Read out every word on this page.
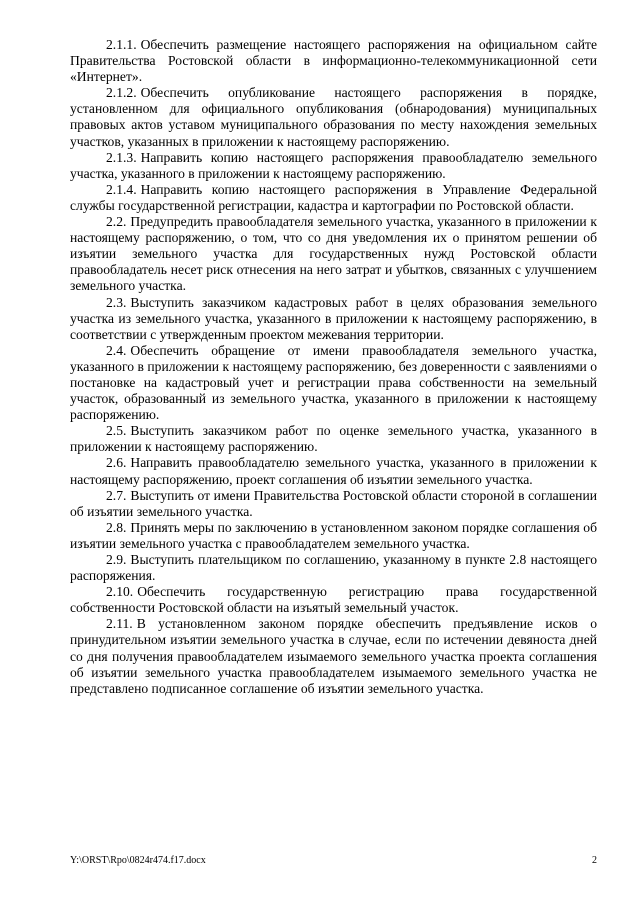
2.1.1. Обеспечить размещение настоящего распоряжения на официальном сайте Правительства Ростовской области в информационно-телекоммуникационной сети «Интернет».

2.1.2. Обеспечить опубликование настоящего распоряжения в порядке, установленном для официального опубликования (обнародования) муниципальных правовых актов уставом муниципального образования по месту нахождения земельных участков, указанных в приложении к настоящему распоряжению.

2.1.3. Направить копию настоящего распоряжения правообладателю земельного участка, указанного в приложении к настоящему распоряжению.

2.1.4. Направить копию настоящего распоряжения в Управление Федеральной службы государственной регистрации, кадастра и картографии по Ростовской области.

2.2. Предупредить правообладателя земельного участка, указанного в приложении к настоящему распоряжению, о том, что со дня уведомления их о принятом решении об изъятии земельного участка для государственных нужд Ростовской области правообладатель несет риск отнесения на него затрат и убытков, связанных с улучшением земельного участка.

2.3. Выступить заказчиком кадастровых работ в целях образования земельного участка из земельного участка, указанного в приложении к настоящему распоряжению, в соответствии с утвержденным проектом межевания территории.

2.4. Обеспечить обращение от имени правообладателя земельного участка, указанного в приложении к настоящему распоряжению, без доверенности с заявлениями о постановке на кадастровый учет и регистрации права собственности на земельный участок, образованный из земельного участка, указанного в приложении к настоящему распоряжению.

2.5. Выступить заказчиком работ по оценке земельного участка, указанного в приложении к настоящему распоряжению.

2.6. Направить правообладателю земельного участка, указанного в приложении к настоящему распоряжению, проект соглашения об изъятии земельного участка.

2.7. Выступить от имени Правительства Ростовской области стороной в соглашении об изъятии земельного участка.

2.8. Принять меры по заключению в установленном законом порядке соглашения об изъятии земельного участка с правообладателем земельного участка.

2.9. Выступить плательщиком по соглашению, указанному в пункте 2.8 настоящего распоряжения.

2.10. Обеспечить государственную регистрацию права государственной собственности Ростовской области на изъятый земельный участок.

2.11. В установленном законом порядке обеспечить предъявление исков о принудительном изъятии земельного участка в случае, если по истечении девяноста дней со дня получения правообладателем изымаемого земельного участка проекта соглашения об изъятии земельного участка правообладателем изымаемого земельного участка не представлено подписанное соглашение об изъятии земельного участка.

Y:\ORST\Rpo\0824r474.f17.docx	2
